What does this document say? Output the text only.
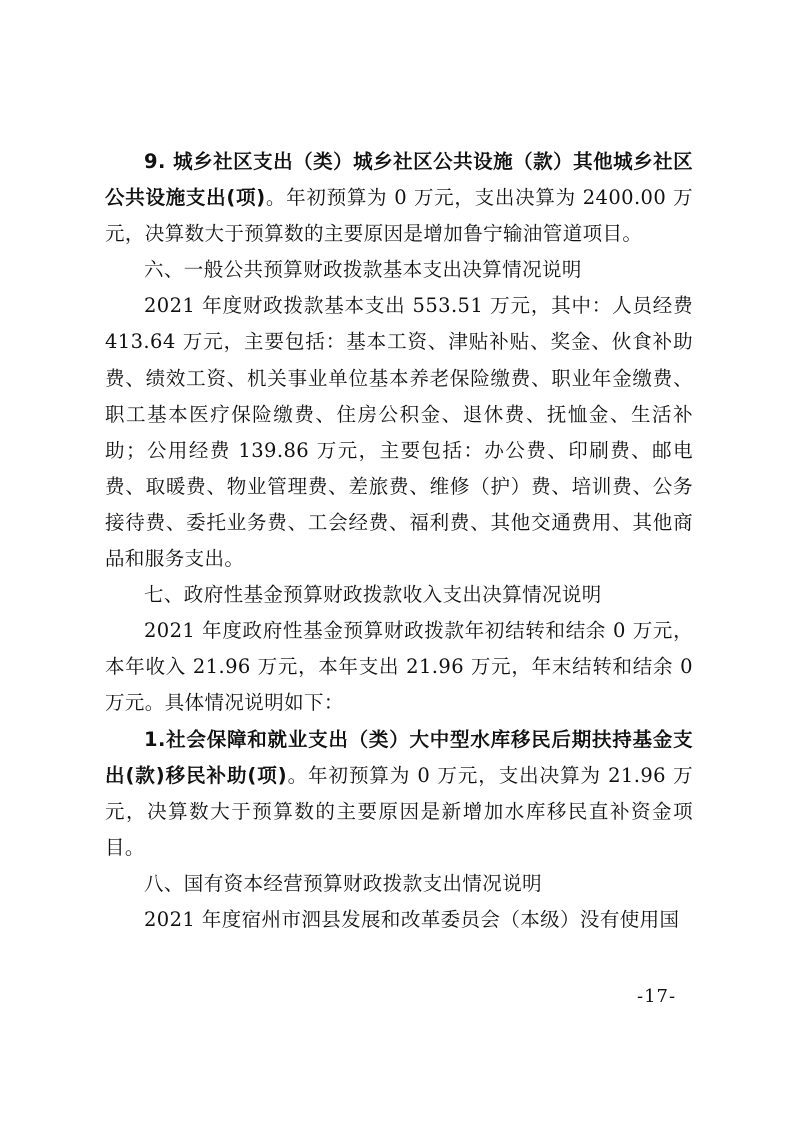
9. 城乡社区支出（类）城乡社区公共设施（款）其他城乡社区公共设施支出(项)。年初预算为 0 万元，支出决算为 2400.00 万元，决算数大于预算数的主要原因是增加鲁宁输油管道项目。

六、一般公共预算财政拨款基本支出决算情况说明

2021 年度财政拨款基本支出 553.51 万元，其中：人员经费 413.64 万元，主要包括：基本工资、津贴补贴、奖金、伙食补助费、绩效工资、机关事业单位基本养老保险缴费、职业年金缴费、职工基本医疗保险缴费、住房公积金、退休费、抚恤金、生活补助；公用经费 139.86 万元，主要包括：办公费、印刷费、邮电费、取暖费、物业管理费、差旅费、维修（护）费、培训费、公务接待费、委托业务费、工会经费、福利费、其他交通费用、其他商品和服务支出。

七、政府性基金预算财政拨款收入支出决算情况说明

2021 年度政府性基金预算财政拨款年初结转和结余 0 万元，本年收入 21.96 万元，本年支出 21.96 万元，年末结转和结余 0 万元。具体情况说明如下：

1.社会保障和就业支出（类）大中型水库移民后期扶持基金支出(款)移民补助(项)。年初预算为 0 万元，支出决算为 21.96 万元，决算数大于预算数的主要原因是新增加水库移民直补资金项目。

八、国有资本经营预算财政拨款支出情况说明

2021 年度宿州市泗县发展和改革委员会（本级）没有使用国

-17-
